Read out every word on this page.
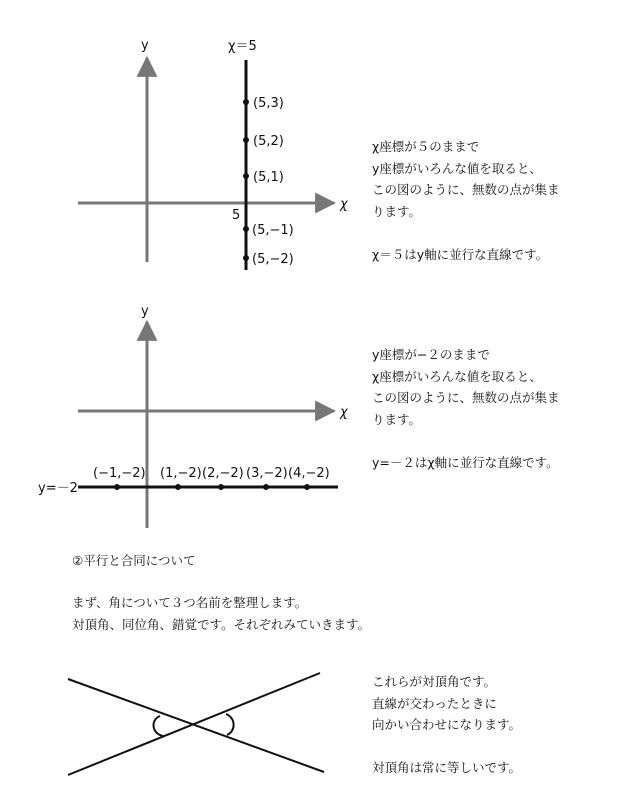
y
χ
χ＝5
5
(5,3)
(5,2)
(5,1)
(5,−1)
(5,−2)
y
χ
y=－2
(−1,−2) (1,−2) (2,−2) (3,−2) (4,−2)
χ座標が５のままで
y座標がいろんな値を取ると、
この図のように、無数の点が集ま
ります。
χ＝５はy軸に並行な直線です。
y座標が−２のままで
χ座標がいろんな値を取ると、
この図のように、無数の点が集ま
ります。
y=－２はχ軸に並行な直線です。
②平行と合同について
まず、角について３つ名前を整理します。
対頂角、同位角、錯覚です。それぞれみていきます。
これらが対頂角です。
直線が交わったときに
向かい合わせになります。
対頂角は常に等しいです。
